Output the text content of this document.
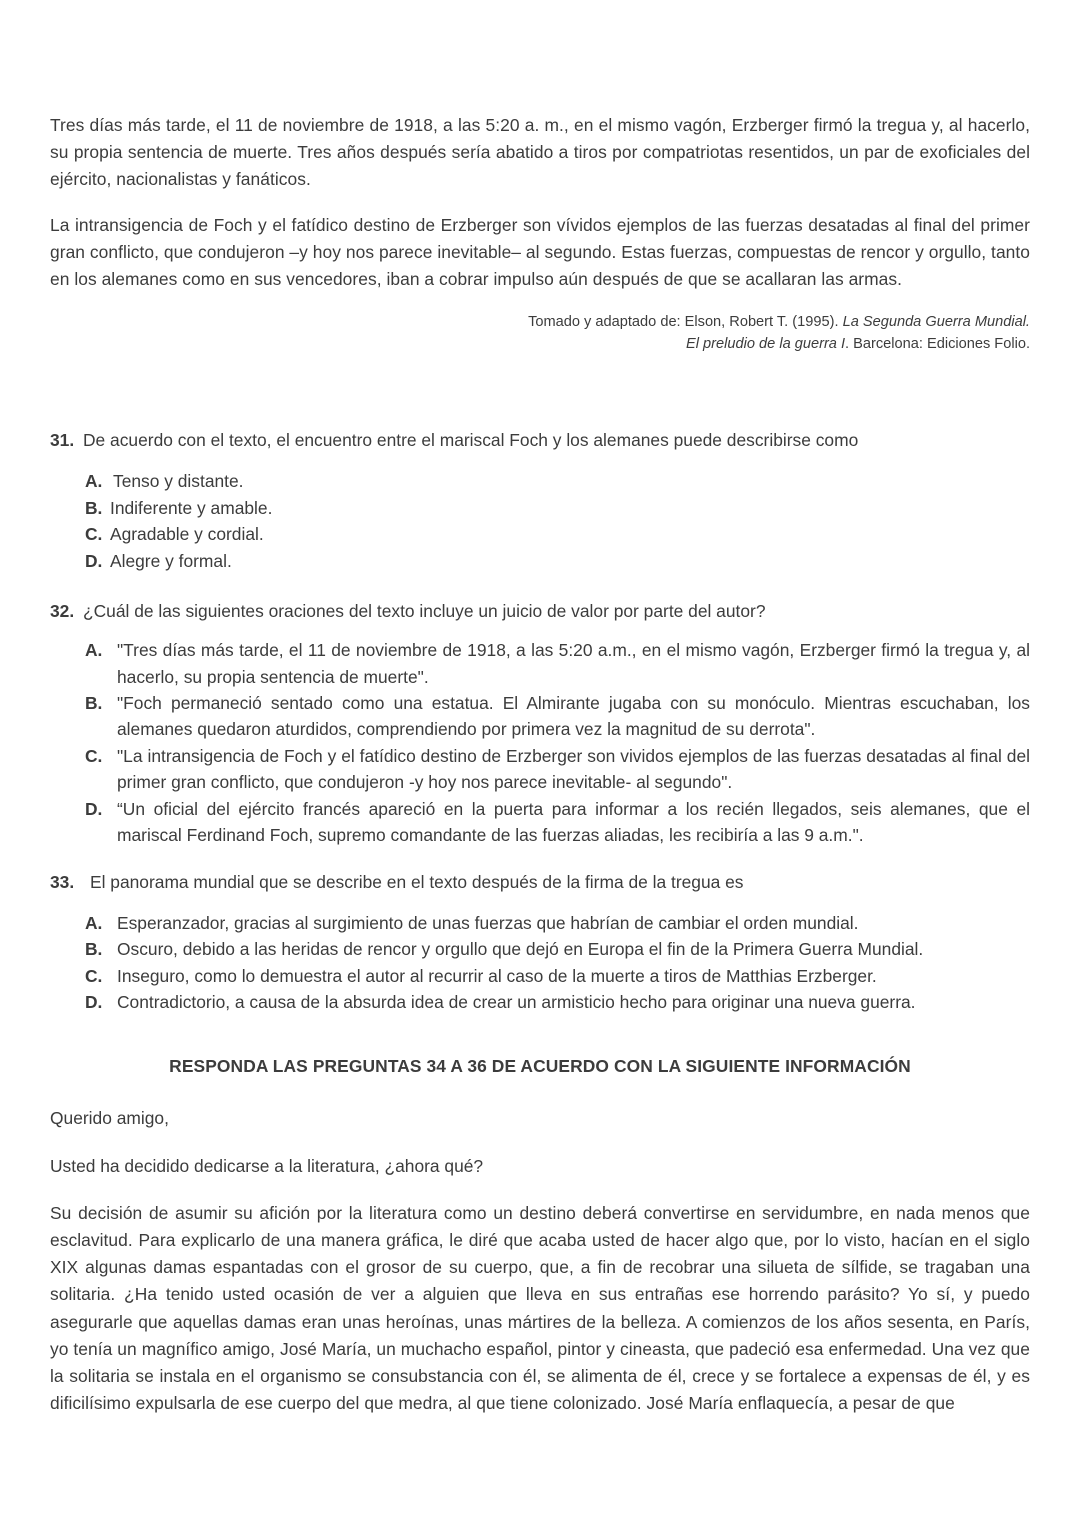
Tres días más tarde, el 11 de noviembre de 1918, a las 5:20 a. m., en el mismo vagón, Erzberger firmó la tregua y, al hacerlo, su propia sentencia de muerte. Tres años después sería abatido a tiros por compatriotas resentidos, un par de exoficiales del ejército, nacionalistas y fanáticos.

La intransigencia de Foch y el fatídico destino de Erzberger son vívidos ejemplos de las fuerzas desatadas al final del primer gran conflicto, que condujeron –y hoy nos parece inevitable– al segundo. Estas fuerzas, compuestas de rencor y orgullo, tanto en los alemanes como en sus vencedores, iban a cobrar impulso aún después de que se acallaran las armas.

Tomado y adaptado de: Elson, Robert T. (1995). La Segunda Guerra Mundial.
El preludio de la guerra I. Barcelona: Ediciones Folio.
31. De acuerdo con el texto, el encuentro entre el mariscal Foch y los alemanes puede describirse como
A. Tenso y distante.
B. Indiferente y amable.
C. Agradable y cordial.
D. Alegre y formal.
32. ¿Cuál de las siguientes oraciones del texto incluye un juicio de valor por parte del autor?
A. "Tres días más tarde, el 11 de noviembre de 1918, a las 5:20 a.m., en el mismo vagón, Erzberger firmó la tregua y, al hacerlo, su propia sentencia de muerte".
B. "Foch permaneció sentado como una estatua. El Almirante jugaba con su monóculo. Mientras escuchaban, los alemanes quedaron aturdidos, comprendiendo por primera vez la magnitud de su derrota".
C. "La intransigencia de Foch y el fatídico destino de Erzberger son vividos ejemplos de las fuerzas desatadas al final del primer gran conflicto, que condujeron -y hoy nos parece inevitable- al segundo".
D. “Un oficial del ejército francés apareció en la puerta para informar a los recién llegados, seis alemanes, que el mariscal Ferdinand Foch, supremo comandante de las fuerzas aliadas, les recibiría a las 9 a.m.".
33. El panorama mundial que se describe en el texto después de la firma de la tregua es
A. Esperanzador, gracias al surgimiento de unas fuerzas que habrían de cambiar el orden mundial.
B. Oscuro, debido a las heridas de rencor y orgullo que dejó en Europa el fin de la Primera Guerra Mundial.
C. Inseguro, como lo demuestra el autor al recurrir al caso de la muerte a tiros de Matthias Erzberger.
D. Contradictorio, a causa de la absurda idea de crear un armisticio hecho para originar una nueva guerra.
RESPONDA LAS PREGUNTAS 34 A 36 DE ACUERDO CON LA SIGUIENTE INFORMACIÓN

Querido amigo,

Usted ha decidido dedicarse a la literatura, ¿ahora qué?

Su decisión de asumir su afición por la literatura como un destino deberá convertirse en servidumbre, en nada menos que esclavitud. Para explicarlo de una manera gráfica, le diré que acaba usted de hacer algo que, por lo visto, hacían en el siglo XIX algunas damas espantadas con el grosor de su cuerpo, que, a fin de recobrar una silueta de sílfide, se tragaban una solitaria. ¿Ha tenido usted ocasión de ver a alguien que lleva en sus entrañas ese horrendo parásito? Yo sí, y puedo asegurarle que aquellas damas eran unas heroínas, unas mártires de la belleza. A comienzos de los años sesenta, en París, yo tenía un magnífico amigo, José María, un muchacho español, pintor y cineasta, que padeció esa enfermedad. Una vez que la solitaria se instala en el organismo se consubstancia con él, se alimenta de él, crece y se fortalece a expensas de él, y es dificilísimo expulsarla de ese cuerpo del que medra, al que tiene colonizado. José María enflaquecía, a pesar de que
